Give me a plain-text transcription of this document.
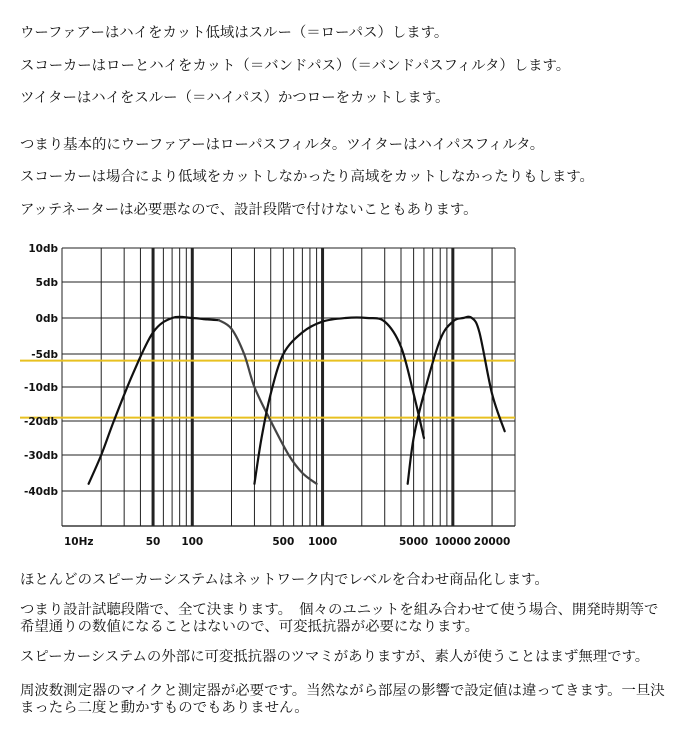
ウーファアーはハイをカット低域はスルー（＝ローパス）します。

スコーカーはローとハイをカット（＝バンドパス）（＝バンドパスフィルタ）します。

ツイターはハイをスルー（＝ハイパス）かつローをカットします。

つまり基本的にウーファアーはローパスフィルタ。ツイターはハイパスフィルタ。

スコーカーは場合により低域をカットしなかったり高域をカットしなかったりもします。

アッテネーターは必要悪なので、設計段階で付けないこともあります。

10db
5db
0db
-5db
-10db
-20db
-30db
-40db
10Hz	50 100	500 1000	5000 10000 20000

ほとんどのスピーカーシステムはネットワーク内でレベルを合わせ商品化します。

つまり設計試聴段階で、全て決まります。　個々のユニットを組み合わせて使う場合、開発時期等で希望通りの数値になることはないので、可変抵抗器が必要になります。

スピーカーシステムの外部に可変抵抗器のツマミがありますが、素人が使うことはまず無理です。

周波数測定器のマイクと測定器が必要です。当然ながら部屋の影響で設定値は違ってきます。一旦決まったら二度と動かすものでもありません。
